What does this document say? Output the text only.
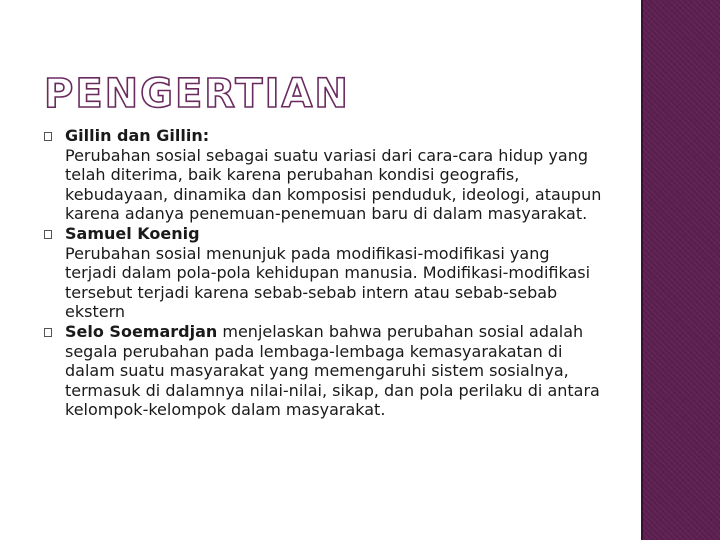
PENGERTIAN
Gillin dan Gillin:
Perubahan sosial sebagai suatu variasi dari cara-cara hidup yang telah diterima, baik karena perubahan kondisi geografis, kebudayaan, dinamika dan komposisi penduduk, ideologi, ataupun karena adanya penemuan-penemuan baru di dalam masyarakat.
Samuel Koenig
Perubahan sosial menunjuk pada modifikasi-modifikasi yang terjadi dalam pola-pola kehidupan manusia. Modifikasi-modifikasi tersebut terjadi karena sebab-sebab intern atau sebab-sebab ekstern
Selo Soemardjan menjelaskan bahwa perubahan sosial adalah segala perubahan pada lembaga-lembaga kemasyarakatan di dalam suatu masyarakat yang memengaruhi sistem sosialnya, termasuk di dalamnya nilai-nilai, sikap, dan pola perilaku di antara kelompok-kelompok dalam masyarakat.
